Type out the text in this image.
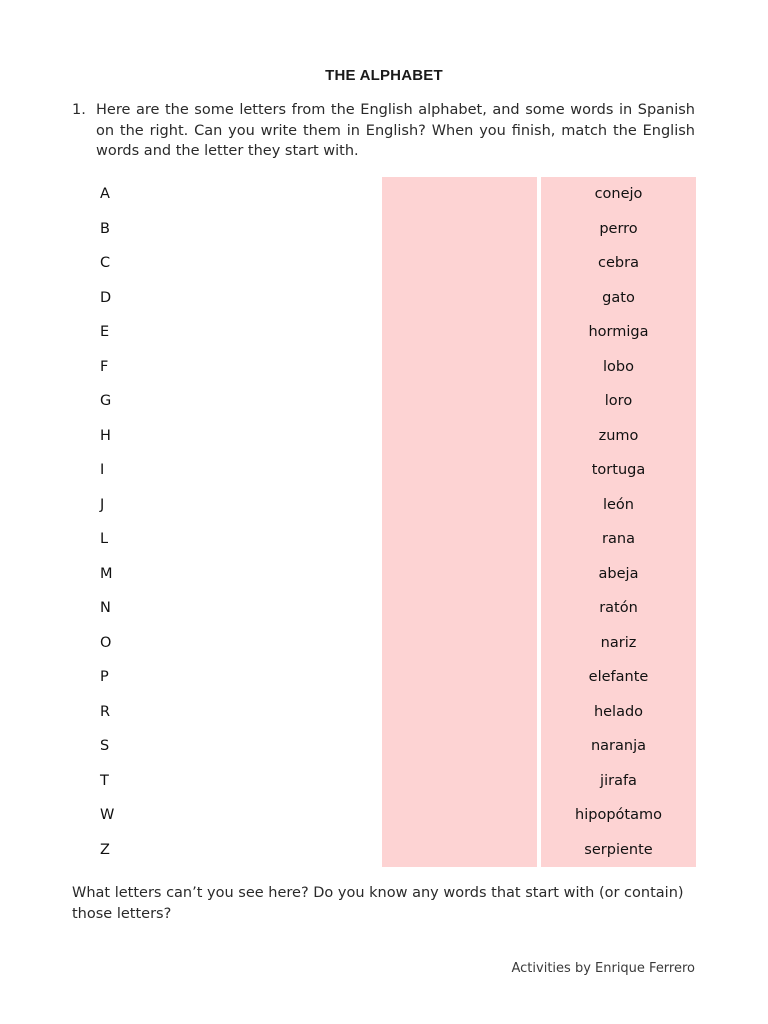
THE ALPHABET
1. Here are the some letters from the English alphabet, and some words in Spanish on the right. Can you write them in English? When you finish, match the English words and the letter they start with.
A	conejo
B	perro
C	cebra
D	gato
E	hormiga
F	lobo
G	loro
H	zumo
I	tortuga
J	león
L	rana
M	abeja
N	ratón
O	nariz
P	elefante
R	helado
S	naranja
T	jirafa
W	hipopótamo
Z	serpiente
What letters can’t you see here? Do you know any words that start with (or contain) those letters?
Activities by Enrique Ferrero
